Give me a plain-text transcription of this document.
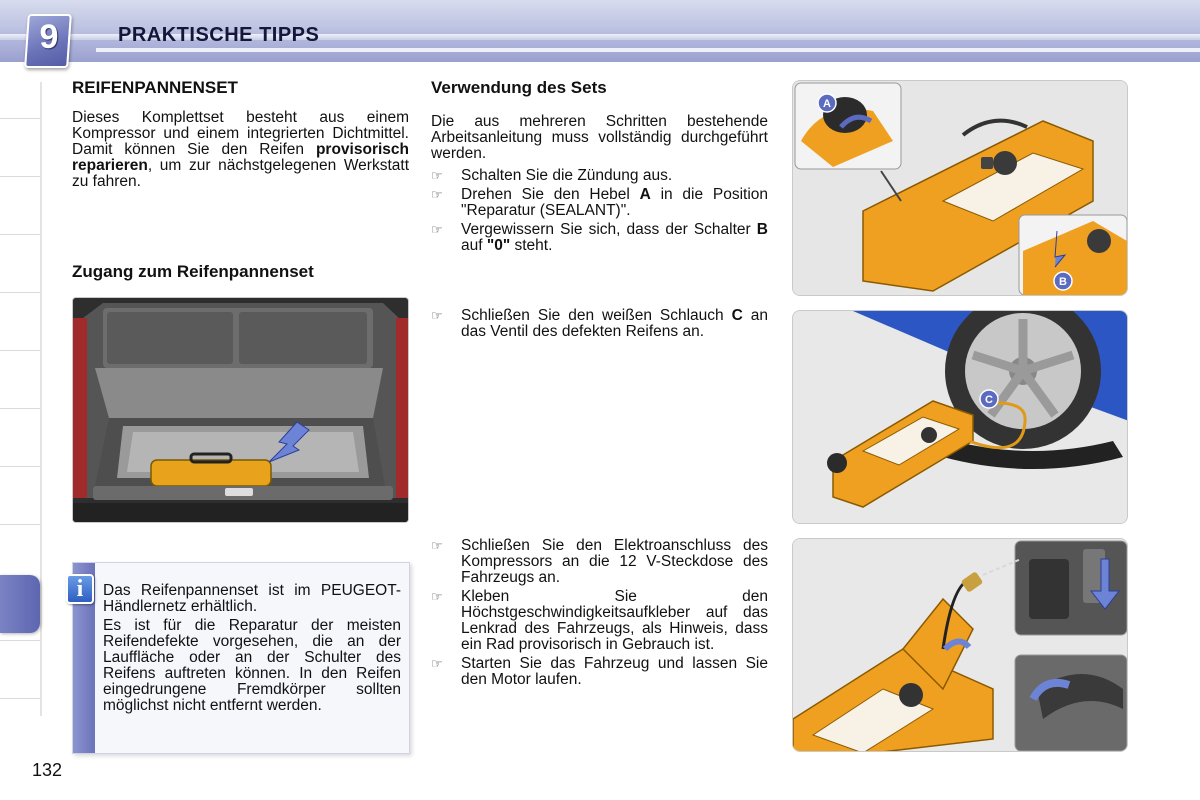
9	PRAKTISCHE TIPPS
REIFENPANNENSET

Dieses Komplettset besteht aus einem Kompressor und einem integrierten Dichtmittel. Damit können Sie den Reifen provisorisch reparieren, um zur nächstgelegenen Werkstatt zu fahren.

Zugang zum Reifenpannenset
i	Das Reifenpannenset ist im PEUGEOT-Händlernetz erhältlich.

Es ist für die Reparatur der meisten Reifendefekte vorgesehen, die an der Lauffläche oder an der Schulter des Reifens auftreten können. In den Reifen eingedrungene Fremdkörper sollten möglichst nicht entfernt werden.

Verwendung des Sets

Die aus mehreren Schritten bestehende Arbeitsanleitung muss vollständig durchgeführt werden.

☞ Schalten Sie die Zündung aus.
☞ Drehen Sie den Hebel A in die Position "Reparatur (SEALANT)".
☞ Vergewissern Sie sich, dass der Schalter B auf "0" steht.
☞ Schließen Sie den weißen Schlauch C an das Ventil des defekten Reifens an.
☞ Schließen Sie den Elektroanschluss des Kompressors an die 12 V-Steckdose des Fahrzeugs an.
☞ Kleben Sie den Höchstgeschwindigkeitsaufkleber auf das Lenkrad des Fahrzeugs, als Hinweis, dass ein Rad provisorisch in Gebrauch ist.
☞ Starten Sie das Fahrzeug und lassen Sie den Motor laufen.
A
B
C
132
